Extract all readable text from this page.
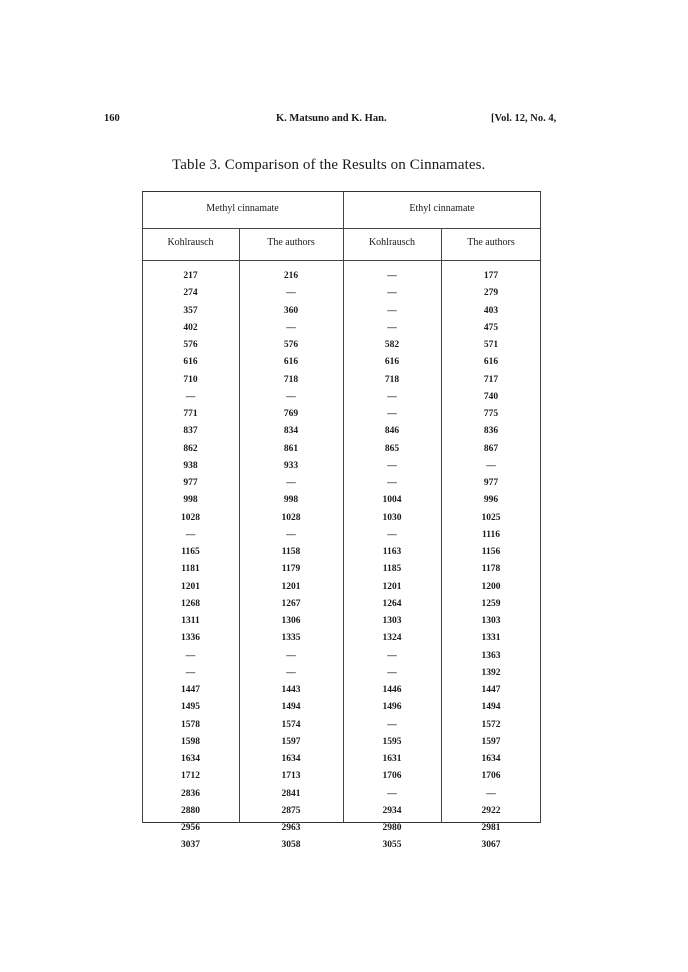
160	K. Matsuno and K. Han.	[Vol. 12, No. 4,
Table 3. Comparison of the Results on Cinnamates.
Methyl cinnamate	Ethyl cinnamate
Kohlrausch	The authors	Kohlrausch	The authors
217	216	—	177
274	—	—	279
357	360	—	403
402	—	—	475
576	576	582	571
616	616	616	616
710	718	718	717
—	—	—	740
771	769	—	775
837	834	846	836
862	861	865	867
938	933	—	—
977	—	—	977
998	998	1004	996
1028	1028	1030	1025
—	—	—	1116
1165	1158	1163	1156
1181	1179	1185	1178
1201	1201	1201	1200
1268	1267	1264	1259
1311	1306	1303	1303
1336	1335	1324	1331
—	—	—	1363
—	—	—	1392
1447	1443	1446	1447
1495	1494	1496	1494
1578	1574	—	1572
1598	1597	1595	1597
1634	1634	1631	1634
1712	1713	1706	1706
2836	2841	—	—
2880	2875	2934	2922
2956	2963	2980	2981
3037	3058	3055	3067
